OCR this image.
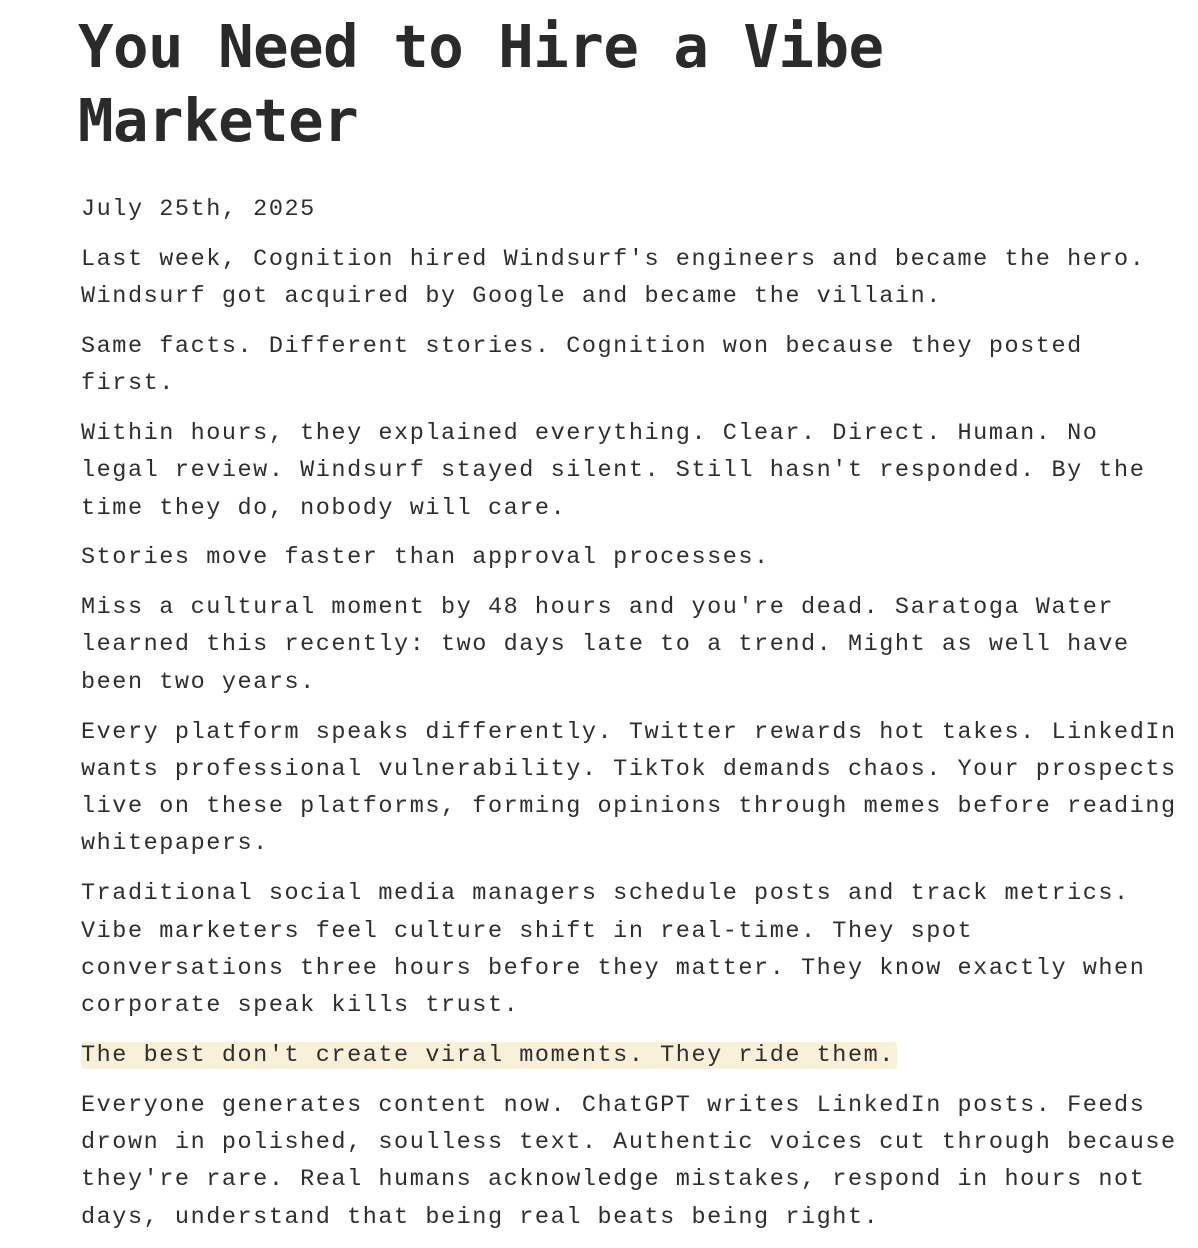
You Need to Hire a Vibe
Marketer

July 25th, 2025

Last week, Cognition hired Windsurf's engineers and became the hero.
Windsurf got acquired by Google and became the villain.

Same facts. Different stories. Cognition won because they posted first.

Within hours, they explained everything. Clear. Direct. Human. No
legal review. Windsurf stayed silent. Still hasn't responded. By the
time they do, nobody will care.

Stories move faster than approval processes.

Miss a cultural moment by 48 hours and you're dead. Saratoga Water
learned this recently: two days late to a trend. Might as well have
been two years.

Every platform speaks differently. Twitter rewards hot takes. LinkedIn
wants professional vulnerability. TikTok demands chaos. Your prospects
live on these platforms, forming opinions through memes before reading
whitepapers.

Traditional social media managers schedule posts and track metrics.
Vibe marketers feel culture shift in real-time. They spot
conversations three hours before they matter. They know exactly when
corporate speak kills trust.

The best don't create viral moments. They ride them.

Everyone generates content now. ChatGPT writes LinkedIn posts. Feeds
drown in polished, soulless text. Authentic voices cut through because
they're rare. Real humans acknowledge mistakes, respond in hours not
days, understand that being real beats being right.
